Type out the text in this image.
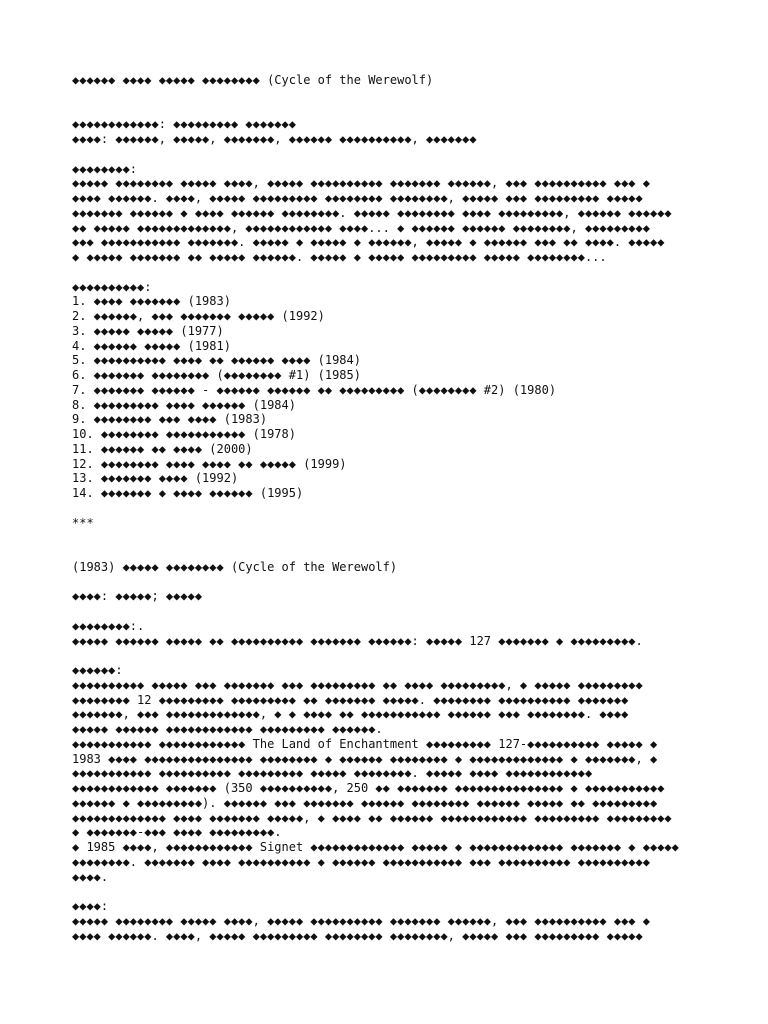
◆◆◆◆◆◆ ◆◆◆◆ ◆◆◆◆◆ ◆◆◆◆◆◆◆◆ (Cycle of the Werewolf)
◆◆◆◆◆◆◆◆◆◆◆◆: ◆◆◆◆◆◆◆◆◆ ◆◆◆◆◆◆◆
◆◆◆◆: ◆◆◆◆◆◆, ◆◆◆◆◆, ◆◆◆◆◆◆◆, ◆◆◆◆◆◆ ◆◆◆◆◆◆◆◆◆◆, ◆◆◆◆◆◆◆
◆◆◆◆◆◆◆◆:
◆◆◆◆◆ ◆◆◆◆◆◆◆◆ ◆◆◆◆◆ ◆◆◆◆, ◆◆◆◆◆ ◆◆◆◆◆◆◆◆◆◆ ◆◆◆◆◆◆◆ ◆◆◆◆◆◆, ◆◆◆ ◆◆◆◆◆◆◆◆◆◆ ◆◆◆ ◆
◆◆◆◆ ◆◆◆◆◆◆. ◆◆◆◆, ◆◆◆◆◆ ◆◆◆◆◆◆◆◆◆ ◆◆◆◆◆◆◆◆ ◆◆◆◆◆◆◆◆, ◆◆◆◆◆ ◆◆◆ ◆◆◆◆◆◆◆◆◆ ◆◆◆◆◆
◆◆◆◆◆◆◆ ◆◆◆◆◆◆ ◆ ◆◆◆◆ ◆◆◆◆◆◆ ◆◆◆◆◆◆◆◆. ◆◆◆◆◆ ◆◆◆◆◆◆◆◆ ◆◆◆◆ ◆◆◆◆◆◆◆◆◆, ◆◆◆◆◆◆ ◆◆◆◆◆◆
◆◆ ◆◆◆◆◆ ◆◆◆◆◆◆◆◆◆◆◆◆◆, ◆◆◆◆◆◆◆◆◆◆◆◆ ◆◆◆◆... ◆ ◆◆◆◆◆◆ ◆◆◆◆◆◆ ◆◆◆◆◆◆◆◆, ◆◆◆◆◆◆◆◆◆
◆◆◆ ◆◆◆◆◆◆◆◆◆◆◆ ◆◆◆◆◆◆◆. ◆◆◆◆◆ ◆ ◆◆◆◆◆ ◆ ◆◆◆◆◆◆, ◆◆◆◆◆ ◆ ◆◆◆◆◆◆ ◆◆◆ ◆◆ ◆◆◆◆. ◆◆◆◆◆
◆ ◆◆◆◆◆ ◆◆◆◆◆◆◆ ◆◆ ◆◆◆◆◆ ◆◆◆◆◆◆. ◆◆◆◆◆ ◆ ◆◆◆◆◆ ◆◆◆◆◆◆◆◆◆ ◆◆◆◆◆ ◆◆◆◆◆◆◆◆...
◆◆◆◆◆◆◆◆◆◆:
1. ◆◆◆◆ ◆◆◆◆◆◆◆ (1983)
2. ◆◆◆◆◆◆, ◆◆◆ ◆◆◆◆◆◆◆ ◆◆◆◆◆ (1992)
3. ◆◆◆◆◆ ◆◆◆◆◆ (1977)
4. ◆◆◆◆◆◆ ◆◆◆◆◆ (1981)
5. ◆◆◆◆◆◆◆◆◆◆ ◆◆◆◆ ◆◆ ◆◆◆◆◆◆ ◆◆◆◆ (1984)
6. ◆◆◆◆◆◆◆ ◆◆◆◆◆◆◆◆ (◆◆◆◆◆◆◆◆ #1) (1985)
7. ◆◆◆◆◆◆◆ ◆◆◆◆◆◆ - ◆◆◆◆◆◆ ◆◆◆◆◆◆ ◆◆ ◆◆◆◆◆◆◆◆◆ (◆◆◆◆◆◆◆◆ #2) (1980)
8. ◆◆◆◆◆◆◆◆◆ ◆◆◆◆ ◆◆◆◆◆◆ (1984)
9. ◆◆◆◆◆◆◆◆ ◆◆◆ ◆◆◆◆ (1983)
10. ◆◆◆◆◆◆◆◆ ◆◆◆◆◆◆◆◆◆◆◆ (1978)
11. ◆◆◆◆◆◆ ◆◆ ◆◆◆◆ (2000)
12. ◆◆◆◆◆◆◆◆ ◆◆◆◆ ◆◆◆◆ ◆◆ ◆◆◆◆◆ (1999)
13. ◆◆◆◆◆◆◆ ◆◆◆◆ (1992)
14. ◆◆◆◆◆◆◆ ◆ ◆◆◆◆ ◆◆◆◆◆◆ (1995)
***
(1983) ◆◆◆◆◆ ◆◆◆◆◆◆◆◆ (Cycle of the Werewolf)
◆◆◆◆: ◆◆◆◆◆; ◆◆◆◆◆
◆◆◆◆◆◆◆◆:.
◆◆◆◆◆ ◆◆◆◆◆◆ ◆◆◆◆◆ ◆◆ ◆◆◆◆◆◆◆◆◆◆ ◆◆◆◆◆◆◆ ◆◆◆◆◆◆: ◆◆◆◆◆ 127 ◆◆◆◆◆◆◆ ◆ ◆◆◆◆◆◆◆◆◆.
◆◆◆◆◆◆:
◆◆◆◆◆◆◆◆◆◆ ◆◆◆◆◆ ◆◆◆ ◆◆◆◆◆◆◆ ◆◆◆ ◆◆◆◆◆◆◆◆◆ ◆◆ ◆◆◆◆ ◆◆◆◆◆◆◆◆◆, ◆ ◆◆◆◆◆ ◆◆◆◆◆◆◆◆◆
◆◆◆◆◆◆◆◆ 12 ◆◆◆◆◆◆◆◆◆ ◆◆◆◆◆◆◆◆◆ ◆◆ ◆◆◆◆◆◆◆ ◆◆◆◆◆. ◆◆◆◆◆◆◆◆ ◆◆◆◆◆◆◆◆◆◆ ◆◆◆◆◆◆◆
◆◆◆◆◆◆◆, ◆◆◆ ◆◆◆◆◆◆◆◆◆◆◆◆◆, ◆ ◆ ◆◆◆◆ ◆◆ ◆◆◆◆◆◆◆◆◆◆◆ ◆◆◆◆◆◆ ◆◆◆ ◆◆◆◆◆◆◆◆. ◆◆◆◆
◆◆◆◆◆ ◆◆◆◆◆◆ ◆◆◆◆◆◆◆◆◆◆◆◆ ◆◆◆◆◆◆◆◆◆ ◆◆◆◆◆◆.
◆◆◆◆◆◆◆◆◆◆◆ ◆◆◆◆◆◆◆◆◆◆◆◆ The Land of Enchantment ◆◆◆◆◆◆◆◆◆ 127-◆◆◆◆◆◆◆◆◆◆ ◆◆◆◆◆ ◆
1983 ◆◆◆◆ ◆◆◆◆◆◆◆◆◆◆◆◆◆◆◆ ◆◆◆◆◆◆◆◆ ◆ ◆◆◆◆◆◆ ◆◆◆◆◆◆◆◆ ◆ ◆◆◆◆◆◆◆◆◆◆◆◆◆ ◆ ◆◆◆◆◆◆◆, ◆
◆◆◆◆◆◆◆◆◆◆◆ ◆◆◆◆◆◆◆◆◆◆ ◆◆◆◆◆◆◆◆◆ ◆◆◆◆◆ ◆◆◆◆◆◆◆◆. ◆◆◆◆◆ ◆◆◆◆ ◆◆◆◆◆◆◆◆◆◆◆◆
◆◆◆◆◆◆◆◆◆◆◆◆ ◆◆◆◆◆◆◆ (350 ◆◆◆◆◆◆◆◆◆◆, 250 ◆◆ ◆◆◆◆◆◆◆ ◆◆◆◆◆◆◆◆◆◆◆◆◆◆◆ ◆ ◆◆◆◆◆◆◆◆◆◆◆
◆◆◆◆◆◆ ◆ ◆◆◆◆◆◆◆◆◆). ◆◆◆◆◆◆ ◆◆◆ ◆◆◆◆◆◆◆ ◆◆◆◆◆◆ ◆◆◆◆◆◆◆◆ ◆◆◆◆◆◆ ◆◆◆◆◆ ◆◆ ◆◆◆◆◆◆◆◆◆
◆◆◆◆◆◆◆◆◆◆◆◆◆ ◆◆◆◆ ◆◆◆◆◆◆◆ ◆◆◆◆◆, ◆ ◆◆◆◆ ◆◆ ◆◆◆◆◆◆ ◆◆◆◆◆◆◆◆◆◆◆◆ ◆◆◆◆◆◆◆◆◆ ◆◆◆◆◆◆◆◆◆
◆ ◆◆◆◆◆◆◆-◆◆◆ ◆◆◆◆ ◆◆◆◆◆◆◆◆◆.
◆ 1985 ◆◆◆◆, ◆◆◆◆◆◆◆◆◆◆◆◆ Signet ◆◆◆◆◆◆◆◆◆◆◆◆◆ ◆◆◆◆◆ ◆ ◆◆◆◆◆◆◆◆◆◆◆◆◆ ◆◆◆◆◆◆◆ ◆ ◆◆◆◆◆
◆◆◆◆◆◆◆◆. ◆◆◆◆◆◆◆ ◆◆◆◆ ◆◆◆◆◆◆◆◆◆◆ ◆ ◆◆◆◆◆◆ ◆◆◆◆◆◆◆◆◆◆◆ ◆◆◆ ◆◆◆◆◆◆◆◆◆◆ ◆◆◆◆◆◆◆◆◆◆
◆◆◆◆.
◆◆◆◆:
◆◆◆◆◆ ◆◆◆◆◆◆◆◆ ◆◆◆◆◆ ◆◆◆◆, ◆◆◆◆◆ ◆◆◆◆◆◆◆◆◆◆ ◆◆◆◆◆◆◆ ◆◆◆◆◆◆, ◆◆◆ ◆◆◆◆◆◆◆◆◆◆ ◆◆◆ ◆
◆◆◆◆ ◆◆◆◆◆◆. ◆◆◆◆, ◆◆◆◆◆ ◆◆◆◆◆◆◆◆◆ ◆◆◆◆◆◆◆◆ ◆◆◆◆◆◆◆◆, ◆◆◆◆◆ ◆◆◆ ◆◆◆◆◆◆◆◆◆ ◆◆◆◆◆
